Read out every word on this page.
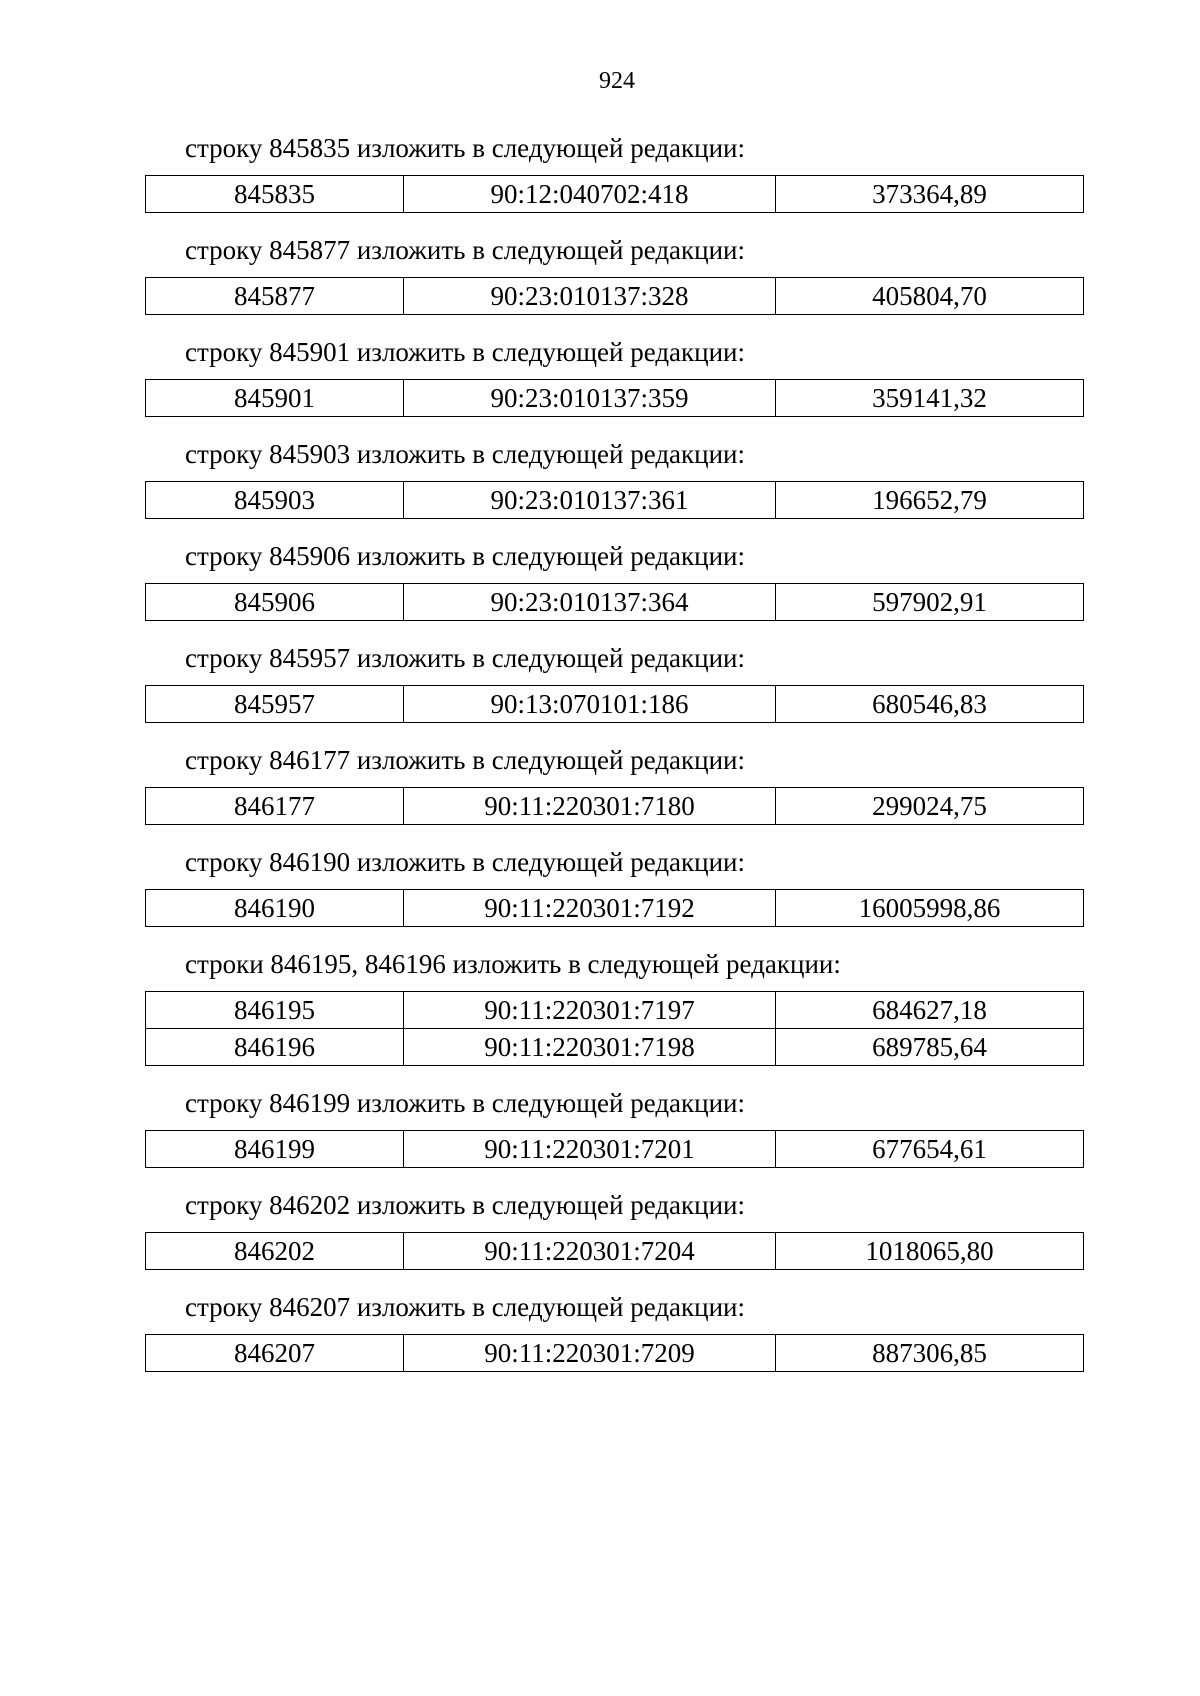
924
строку 845835 изложить в следующей редакции:
845835	90:12:040702:418	373364,89
строку 845877 изложить в следующей редакции:
845877	90:23:010137:328	405804,70
строку 845901 изложить в следующей редакции:
845901	90:23:010137:359	359141,32
строку 845903 изложить в следующей редакции:
845903	90:23:010137:361	196652,79
строку 845906 изложить в следующей редакции:
845906	90:23:010137:364	597902,91
строку 845957 изложить в следующей редакции:
845957	90:13:070101:186	680546,83
строку 846177 изложить в следующей редакции:
846177	90:11:220301:7180	299024,75
строку 846190 изложить в следующей редакции:
846190	90:11:220301:7192	16005998,86
строки 846195, 846196 изложить в следующей редакции:
846195	90:11:220301:7197	684627,18
846196	90:11:220301:7198	689785,64
строку 846199 изложить в следующей редакции:
846199	90:11:220301:7201	677654,61
строку 846202 изложить в следующей редакции:
846202	90:11:220301:7204	1018065,80
строку 846207 изложить в следующей редакции:
846207	90:11:220301:7209	887306,85
